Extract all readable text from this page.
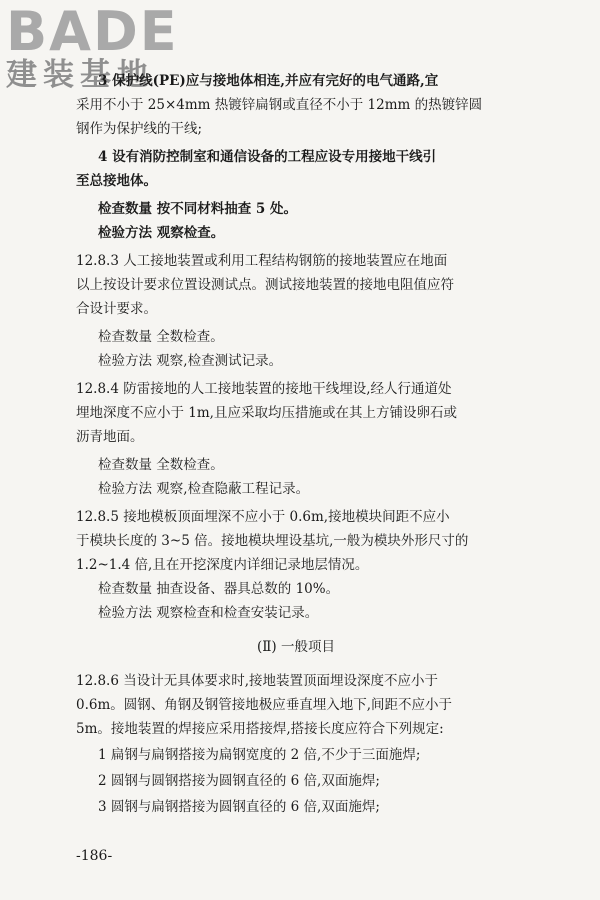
BADE
建装基地
3 保护线(PE)应与接地体相连,并应有完好的电气通路,宜
采用不小于 25×4mm 热镀锌扁钢或直径不小于 12mm 的热镀锌圆
钢作为保护线的干线;
4 设有消防控制室和通信设备的工程应设专用接地干线引
至总接地体。
检查数量 按不同材料抽查 5 处。
检验方法 观察检查。
12.8.3 人工接地装置或利用工程结构钢筋的接地装置应在地面
以上按设计要求位置设测试点。测试接地装置的接地电阻值应符
合设计要求。
检查数量 全数检查。
检验方法 观察,检查测试记录。
12.8.4 防雷接地的人工接地装置的接地干线埋设,经人行通道处
埋地深度不应小于 1m,且应采取均压措施或在其上方铺设卵石或
沥青地面。
检查数量 全数检查。
检验方法 观察,检查隐蔽工程记录。
12.8.5 接地模板顶面埋深不应小于 0.6m,接地模块间距不应小
于模块长度的 3~5 倍。接地模块埋设基坑,一般为模块外形尺寸的
1.2~1.4 倍,且在开挖深度内详细记录地层情况。
检查数量 抽查设备、器具总数的 10%。
检验方法 观察检查和检查安装记录。
(Ⅱ) 一般项目
12.8.6 当设计无具体要求时,接地装置顶面埋设深度不应小于
0.6m。圆钢、角钢及钢管接地极应垂直埋入地下,间距不应小于
5m。接地装置的焊接应采用搭接焊,搭接长度应符合下列规定:
1 扁钢与扁钢搭接为扁钢宽度的 2 倍,不少于三面施焊;
2 圆钢与圆钢搭接为圆钢直径的 6 倍,双面施焊;
3 圆钢与扁钢搭接为圆钢直径的 6 倍,双面施焊;
-186-
